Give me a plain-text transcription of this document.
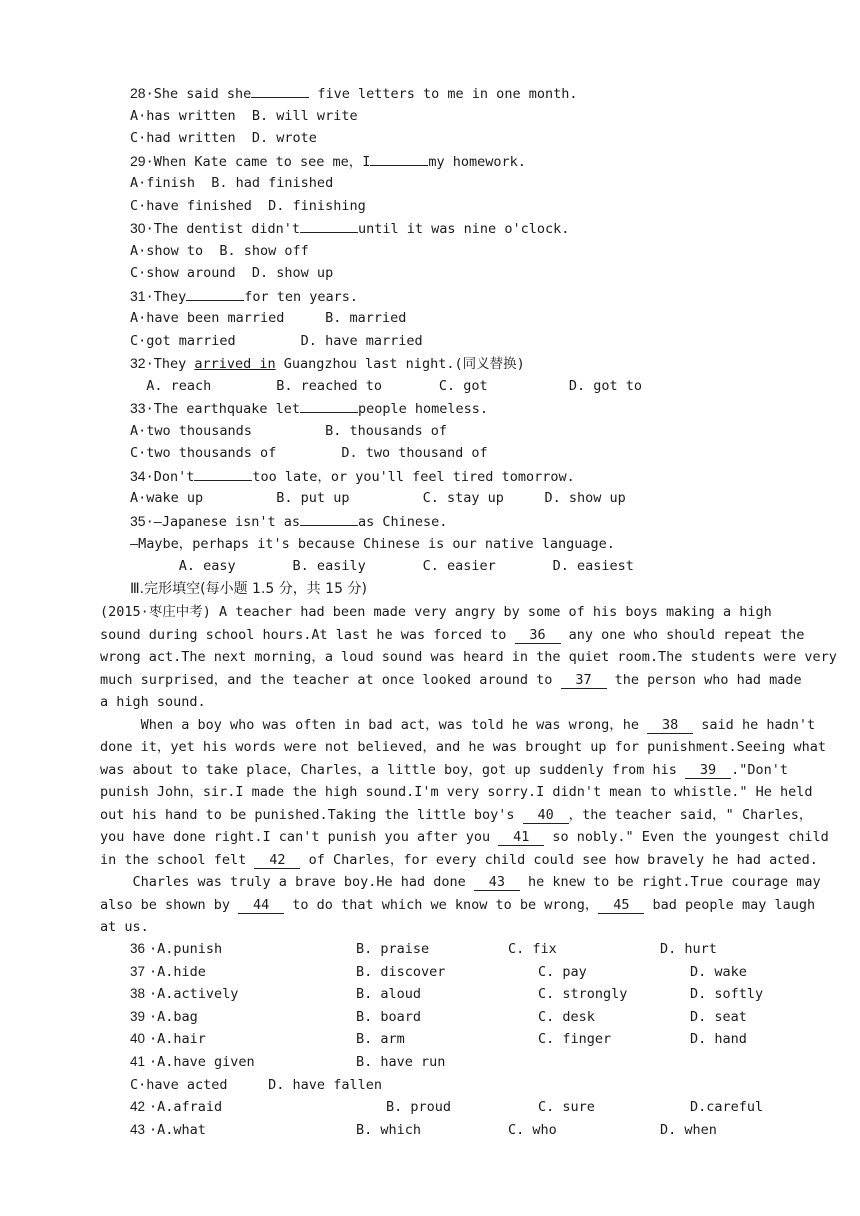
28·She said she	five letters to me in one month.
A·has written  B. will write
C·had written  D. wrote
29·When Kate came to see me，I	my homework.
A·finish  B. had finished
C·have finished  D. finishing
30·The dentist didn't	until it was nine o'clock.
A·show to  B. show off
C·show around  D. show up
31·They	for ten years.
A·have been married     B. married
C·got married        D. have married
32·They arrived in Guangzhou last night.(同义替换)
A. reach        B. reached to       C. got          D. got to
33·The earthquake let	people homeless.
A·two thousands         B. thousands of
C·two thousands of        D. two thousand of
34·Don't	too late，or you'll feel tired tomorrow.
A·wake up         B. put up         C. stay up     D. show up
35·—Japanese isn't as	as Chinese.
—Maybe，perhaps it's because Chinese is our native language.
A. easy       B. easily       C. easier       D. easiest
Ⅲ.完形填空(每小题 1.5 分，共 15 分)
(2015·枣庄中考) A teacher had been made very angry by some of his boys making a high
sound during school hours.At last he was forced to 36 any one who should repeat the
wrong act.The next morning，a loud sound was heard in the quiet room.The students were very
much surprised，and the teacher at once looked around to 37 the person who had made
a high sound.
When a boy who was often in bad act，was told he was wrong，he 38 said he hadn't
done it，yet his words were not believed，and he was brought up for punishment.Seeing what
was about to take place，Charles，a little boy，got up suddenly from his 39 ."Don't
punish John，sir.I made the high sound.I'm very sorry.I didn't mean to whistle." He held
out his hand to be punished.Taking the little boy's 40 ，the teacher said，" Charles，
you have done right.I can't punish you after you 41 so nobly." Even the youngest child
in the school felt 42 of Charles，for every child could see how bravely he had acted.
Charles was truly a brave boy.He had done 43 he knew to be right.True courage may
also be shown by 44 to do that which we know to be wrong， 45 bad people may laugh
at us.
36 ·A.punish	B. praise	C. fix	D. hurt
37 ·A.hide	B. discover	C. pay	D. wake
38 ·A.actively	B. aloud	C. strongly	D. softly
39 ·A.bag	B. board	C. desk	D. seat
40 ·A.hair	B. arm	C. finger	D. hand
41 ·A.have given	B. have run
C·have acted     D. have fallen
42 ·A.afraid	B. proud	C. sure	D.careful
43 ·A.what	B. which	C. who	D. when
